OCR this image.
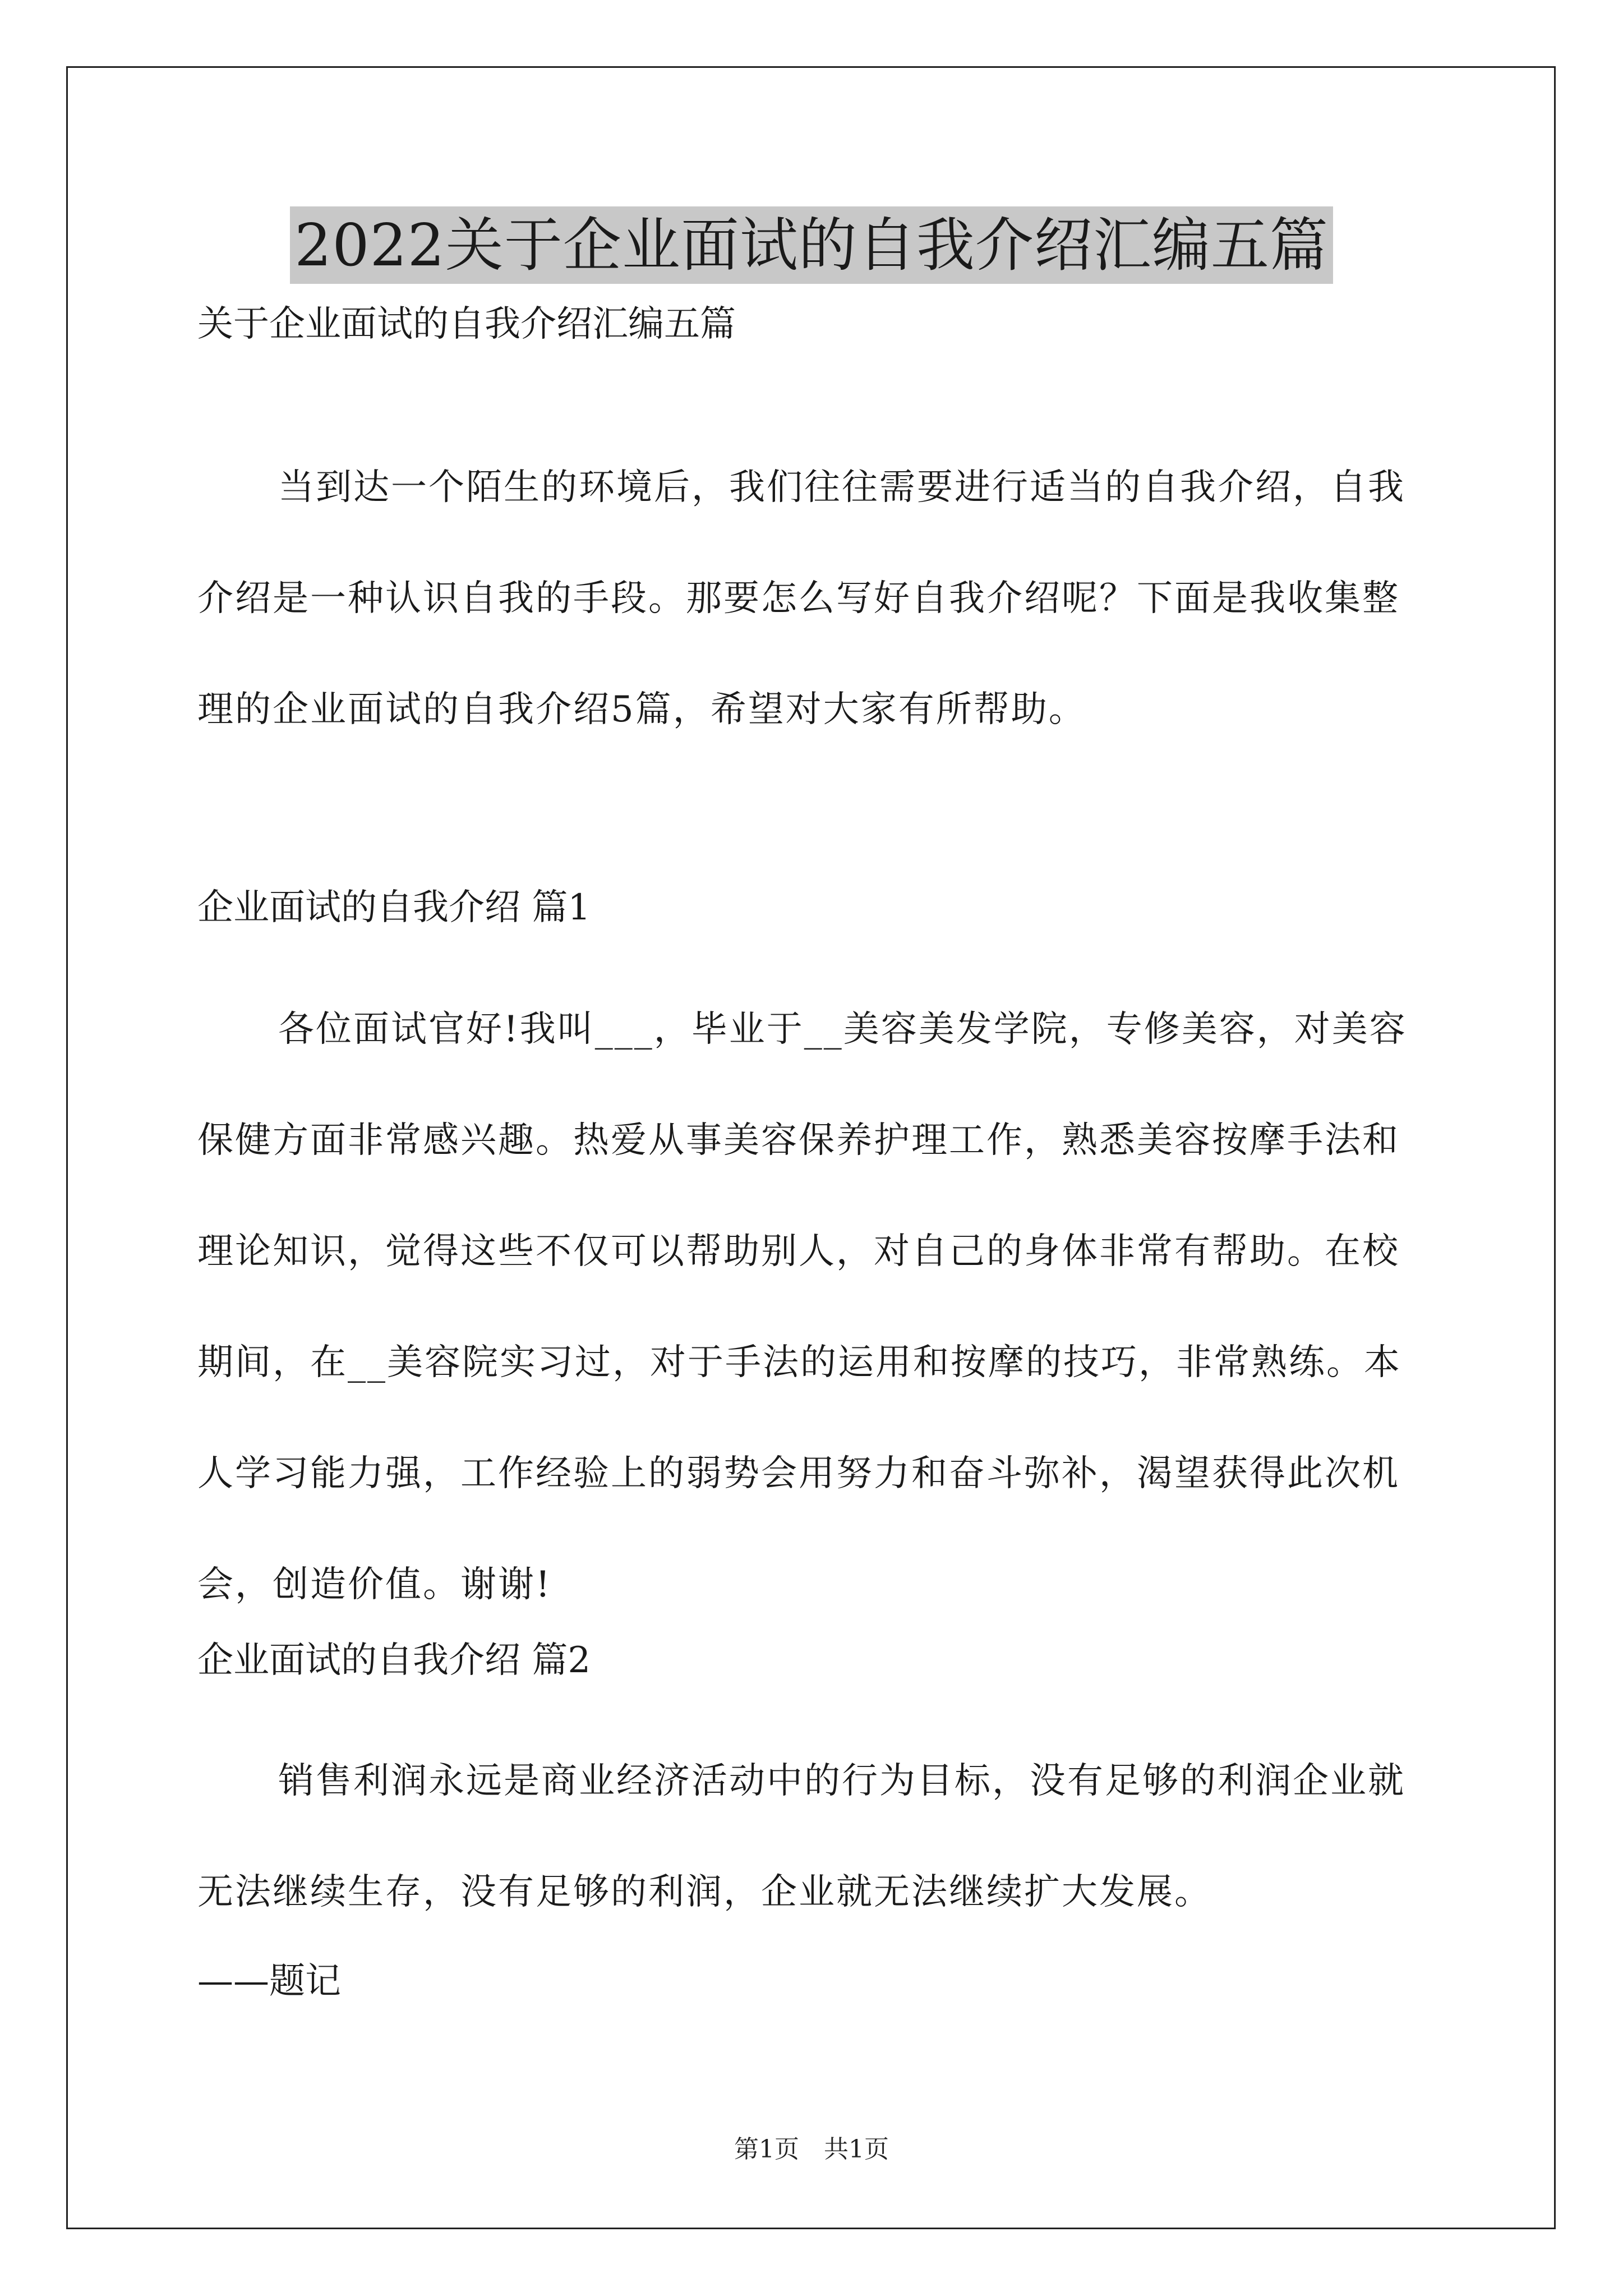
2022关于企业面试的自我介绍汇编五篇
关于企业面试的自我介绍汇编五篇

当到达一个陌生的环境后，我们往往需要进行适当的自我介绍，自我介绍是一种认识自我的手段。那要怎么写好自我介绍呢？下面是我收集整理的企业面试的自我介绍5篇，希望对大家有所帮助。

企业面试的自我介绍 篇1

各位面试官好!我叫___，毕业于__美容美发学院，专修美容，对美容保健方面非常感兴趣。热爱从事美容保养护理工作，熟悉美容按摩手法和理论知识，觉得这些不仅可以帮助别人，对自己的身体非常有帮助。在校期间，在__美容院实习过，对于手法的运用和按摩的技巧，非常熟练。本人学习能力强，工作经验上的弱势会用努力和奋斗弥补，渴望获得此次机会，创造价值。谢谢!

企业面试的自我介绍 篇2

销售利润永远是商业经济活动中的行为目标，没有足够的利润企业就无法继续生存，没有足够的利润，企业就无法继续扩大发展。

——题记
第1页　共1页
